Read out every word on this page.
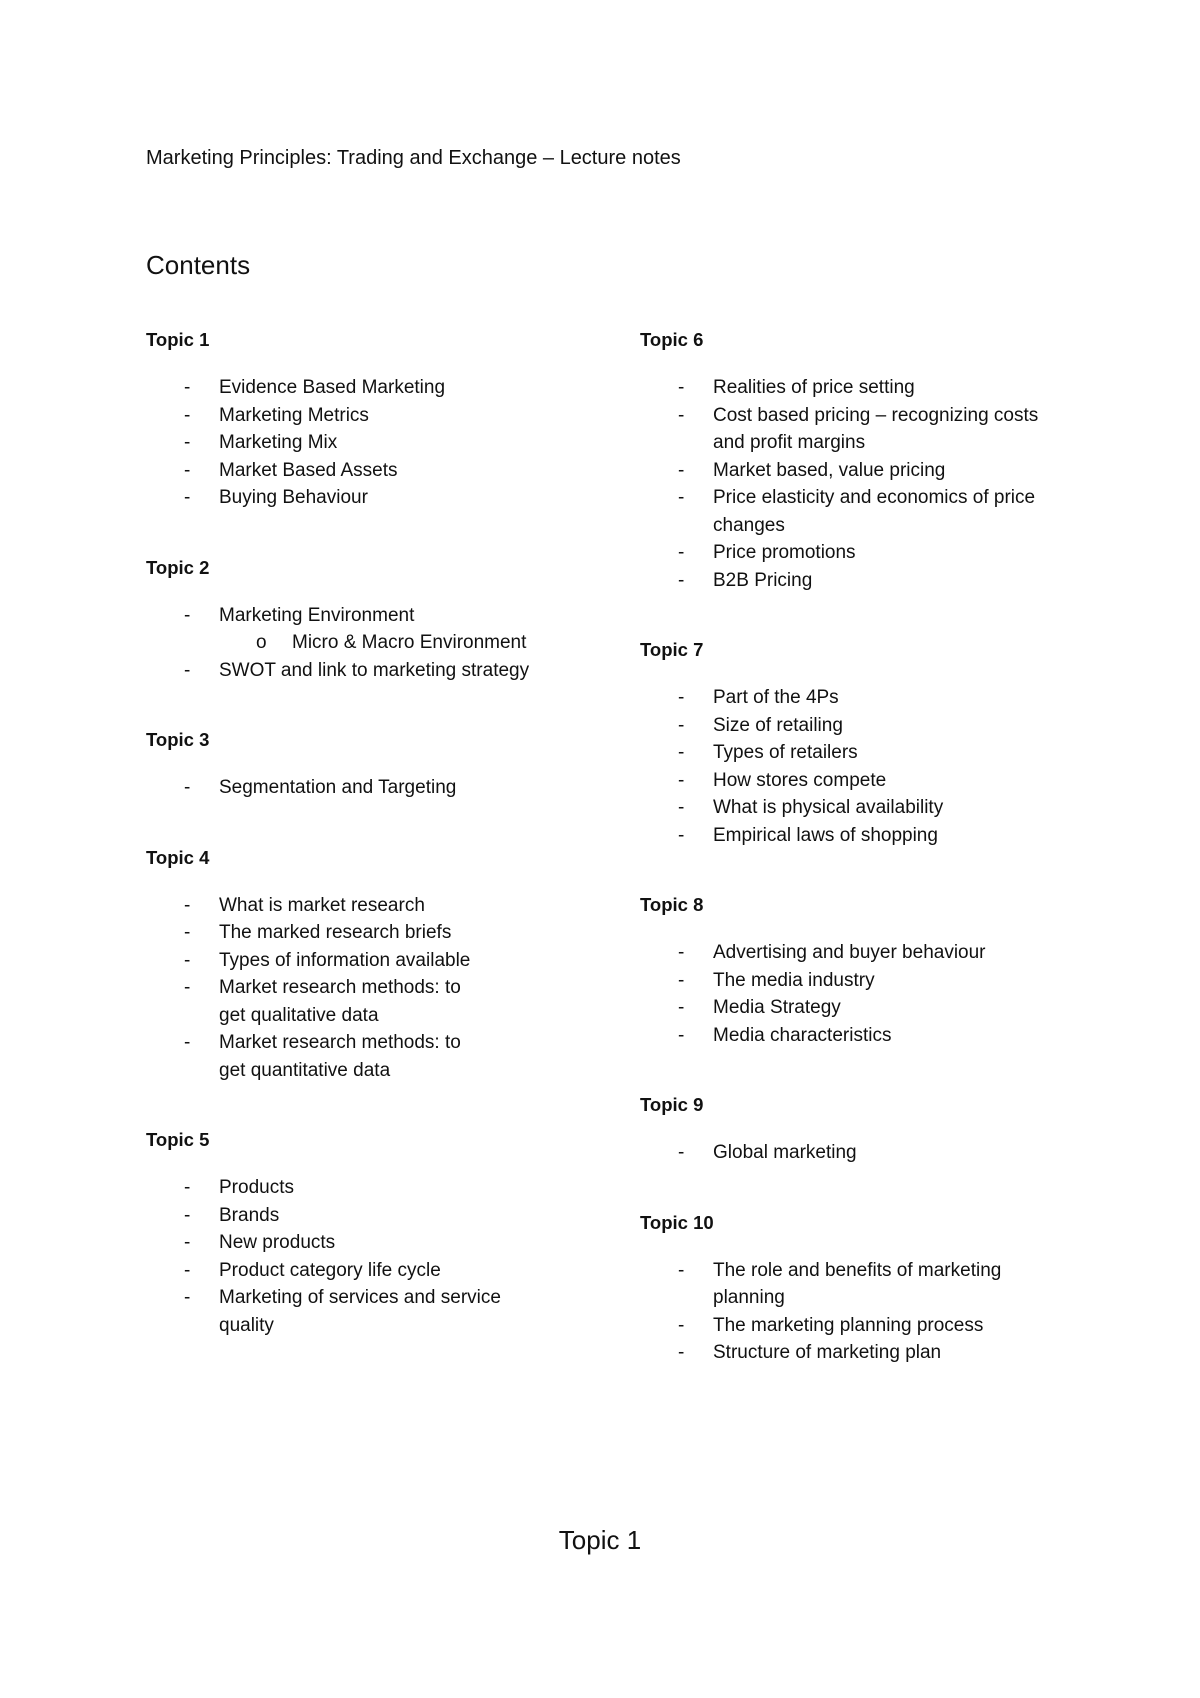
Marketing Principles: Trading and Exchange – Lecture notes
Contents
Topic 1
- Evidence Based Marketing
- Marketing Metrics
- Marketing Mix
- Market Based Assets
- Buying Behaviour
Topic 2
- Marketing Environment
o Micro & Macro Environment
- SWOT and link to marketing strategy
Topic 3
- Segmentation and Targeting
Topic 4
- What is market research
- The marked research briefs
- Types of information available
- Market research methods: to get qualitative data
- Market research methods: to get quantitative data
Topic 5
- Products
- Brands
- New products
- Product category life cycle
- Marketing of services and service quality
Topic 6
- Realities of price setting
- Cost based pricing – recognizing costs and profit margins
- Market based, value pricing
- Price elasticity and economics of price changes
- Price promotions
- B2B Pricing
Topic 7
- Part of the 4Ps
- Size of retailing
- Types of retailers
- How stores compete
- What is physical availability
- Empirical laws of shopping
Topic 8
- Advertising and buyer behaviour
- The media industry
- Media Strategy
- Media characteristics
Topic 9
- Global marketing
Topic 10
- The role and benefits of marketing planning
- The marketing planning process
- Structure of marketing plan
Topic 1
